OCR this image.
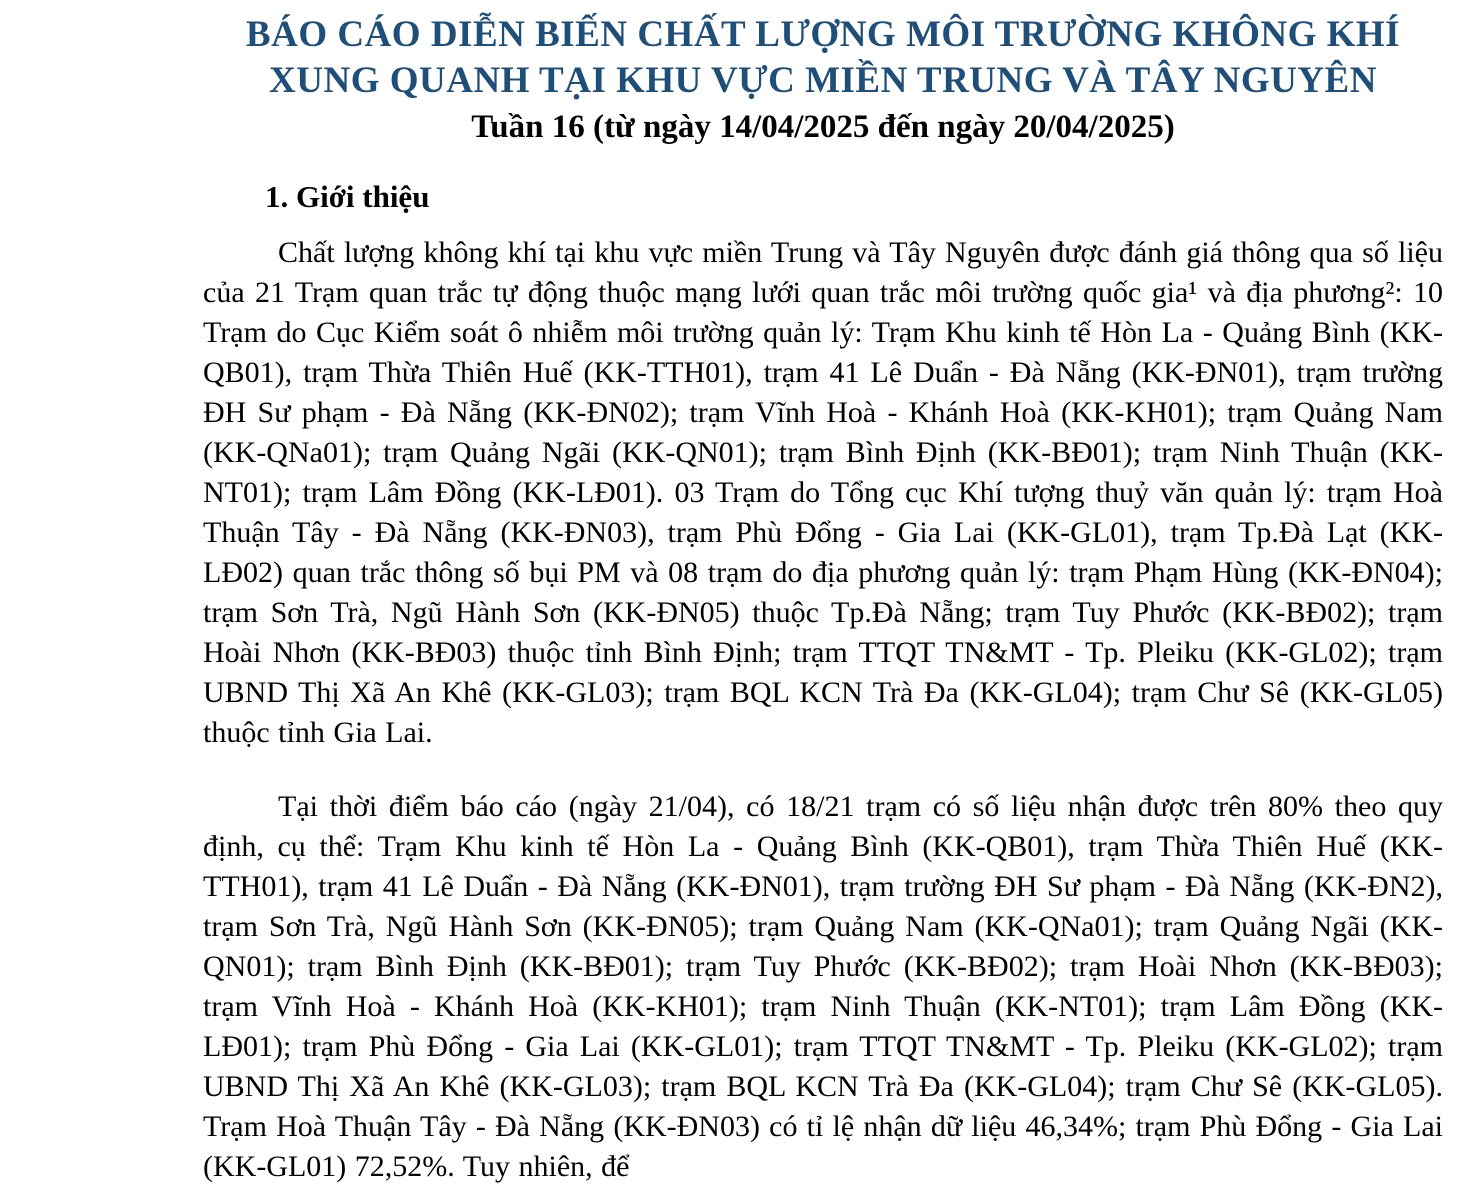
BÁO CÁO DIỄN BIẾN CHẤT LƯỢNG MÔI TRƯỜNG KHÔNG KHÍ
XUNG QUANH TẠI KHU VỰC MIỀN TRUNG VÀ TÂY NGUYÊN
Tuần 16 (từ ngày 14/04/2025 đến ngày 20/04/2025)
1. Giới thiệu

Chất lượng không khí tại khu vực miền Trung và Tây Nguyên được đánh giá thông qua số liệu của 21 Trạm quan trắc tự động thuộc mạng lưới quan trắc môi trường quốc gia¹ và địa phương²: 10 Trạm do Cục Kiểm soát ô nhiễm môi trường quản lý: Trạm Khu kinh tế Hòn La - Quảng Bình (KK-QB01), trạm Thừa Thiên Huế (KK-TTH01), trạm 41 Lê Duẩn - Đà Nẵng (KK-ĐN01), trạm trường ĐH Sư phạm - Đà Nẵng (KK-ĐN02); trạm Vĩnh Hoà - Khánh Hoà (KK-KH01); trạm Quảng Nam (KK-QNa01); trạm Quảng Ngãi (KK-QN01); trạm Bình Định (KK-BĐ01); trạm Ninh Thuận (KK-NT01); trạm Lâm Đồng (KK-LĐ01). 03 Trạm do Tổng cục Khí tượng thuỷ văn quản lý: trạm Hoà Thuận Tây - Đà Nẵng (KK-ĐN03), trạm Phù Đổng - Gia Lai (KK-GL01), trạm Tp.Đà Lạt (KK-LĐ02) quan trắc thông số bụi PM và 08 trạm do địa phương quản lý: trạm Phạm Hùng (KK-ĐN04); trạm Sơn Trà, Ngũ Hành Sơn (KK-ĐN05) thuộc Tp.Đà Nẵng; trạm Tuy Phước (KK-BĐ02); trạm Hoài Nhơn (KK-BĐ03) thuộc tỉnh Bình Định; trạm TTQT TN&MT - Tp. Pleiku (KK-GL02); trạm UBND Thị Xã An Khê (KK-GL03); trạm BQL KCN Trà Đa (KK-GL04); trạm Chư Sê (KK-GL05) thuộc tỉnh Gia Lai.

Tại thời điểm báo cáo (ngày 21/04), có 18/21 trạm có số liệu nhận được trên 80% theo quy định, cụ thể: Trạm Khu kinh tế Hòn La - Quảng Bình (KK-QB01), trạm Thừa Thiên Huế (KK-TTH01), trạm 41 Lê Duẩn - Đà Nẵng (KK-ĐN01), trạm trường ĐH Sư phạm - Đà Nẵng (KK-ĐN2), trạm Sơn Trà, Ngũ Hành Sơn (KK-ĐN05); trạm Quảng Nam (KK-QNa01); trạm Quảng Ngãi (KK-QN01); trạm Bình Định (KK-BĐ01); trạm Tuy Phước (KK-BĐ02); trạm Hoài Nhơn (KK-BĐ03); trạm Vĩnh Hoà - Khánh Hoà (KK-KH01); trạm Ninh Thuận (KK-NT01); trạm Lâm Đồng (KK-LĐ01); trạm Phù Đổng - Gia Lai (KK-GL01); trạm TTQT TN&MT - Tp. Pleiku (KK-GL02); trạm UBND Thị Xã An Khê (KK-GL03); trạm BQL KCN Trà Đa (KK-GL04); trạm Chư Sê (KK-GL05). Trạm Hoà Thuận Tây - Đà Nẵng (KK-ĐN03) có tỉ lệ nhận dữ liệu 46,34%; trạm Phù Đổng - Gia Lai (KK-GL01) 72,52%. Tuy nhiên, để
